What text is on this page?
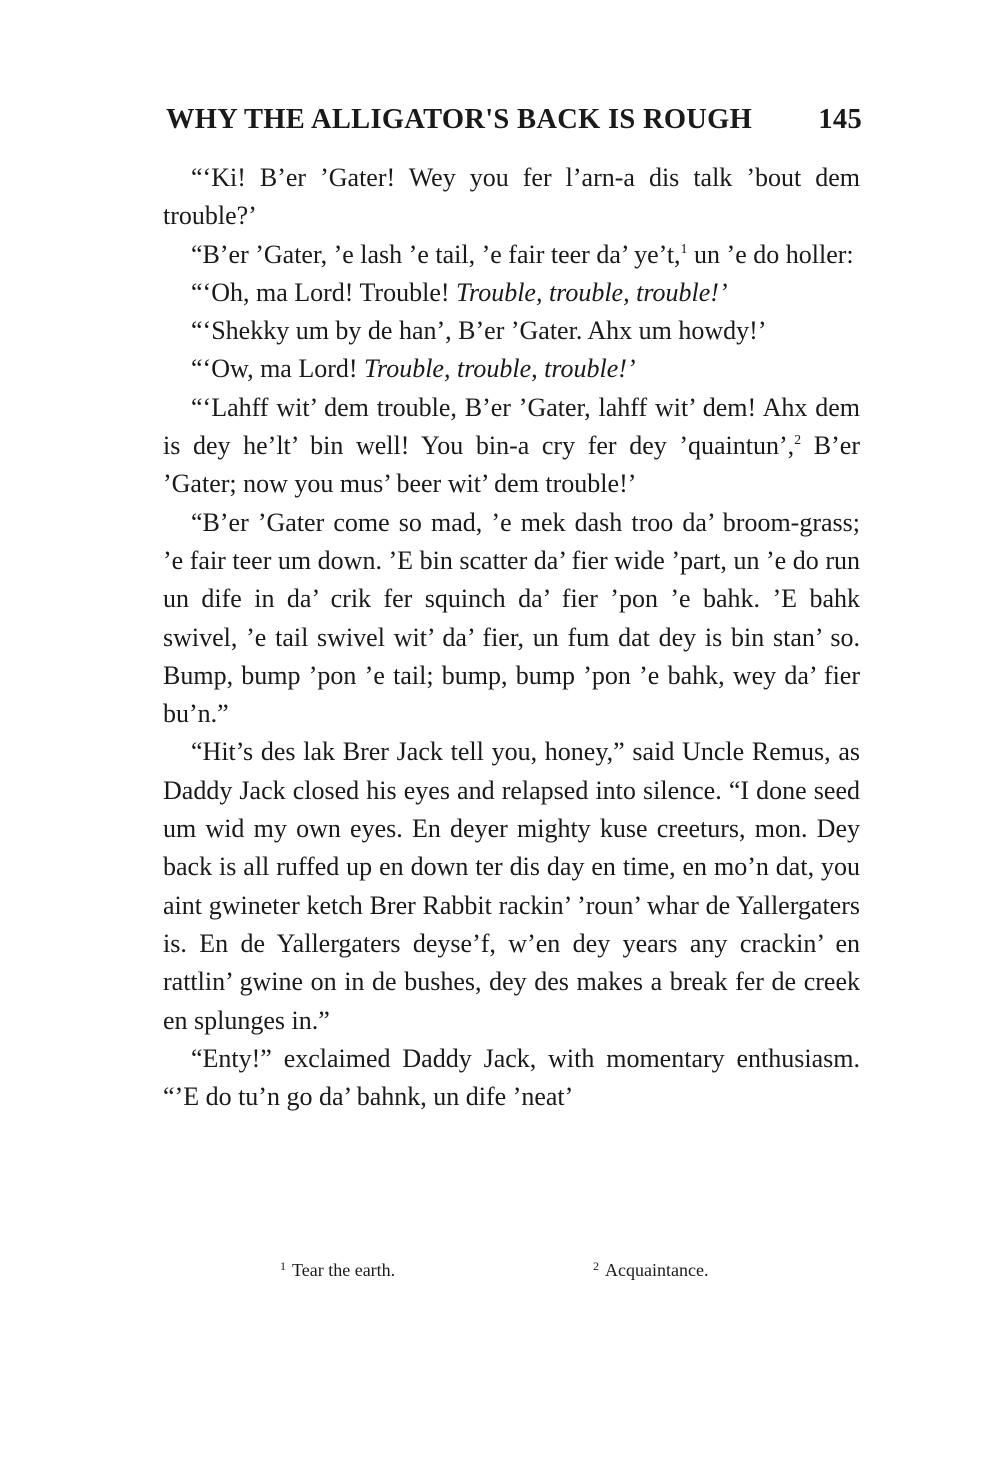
WHY THE ALLIGATOR'S BACK IS ROUGH 145

“‘Ki! B’er ’Gater! Wey you fer l’arn-a dis talk ’bout dem trouble?’

“B’er ’Gater, ’e lash ’e tail, ’e fair teer da’ ye’t,$^1$ un ’e do holler:

“‘Oh, ma Lord! Trouble! Trouble, trouble, trouble!’

“‘Shekky um by de han’, B’er ’Gater. Ahx um howdy!’

“‘Ow, ma Lord! Trouble, trouble, trouble!’

“‘Lahff wit’ dem trouble, B’er ’Gater, lahff wit’ dem! Ahx dem is dey he’lt’ bin well! You bin-a cry fer dey ’quaintun’,$^2$ B’er ’Gater; now you mus’ beer wit’ dem trouble!’

“B’er ’Gater come so mad, ’e mek dash troo da’ broom-grass; ’e fair teer um down. ’E bin scatter da’ fier wide ’part, un ’e do run un dife in da’ crik fer squinch da’ fier ’pon ’e bahk. ’E bahk swivel, ’e tail swivel wit’ da’ fier, un fum dat dey is bin stan’ so. Bump, bump ’pon ’e tail; bump, bump ’pon ’e bahk, wey da’ fier bu’n.”

“Hit’s des lak Brer Jack tell you, honey,” said Uncle Remus, as Daddy Jack closed his eyes and relapsed into silence. “I done seed um wid my own eyes. En deyer mighty kuse creeturs, mon. Dey back is all ruffed up en down ter dis day en time, en mo’n dat, you aint gwineter ketch Brer Rabbit rackin’ ’roun’ whar de Yallergaters is. En de Yallergaters deyse’f, w’en dey years any crackin’ en rattlin’ gwine on in de bushes, dey des makes a break fer de creek en splunges in.”

“Enty!” exclaimed Daddy Jack, with momentary enthusiasm. “’E do tu’n go da’ bahnk, un dife ’neat’

$^1$ Tear the earth.	$^2$ Acquaintance.
